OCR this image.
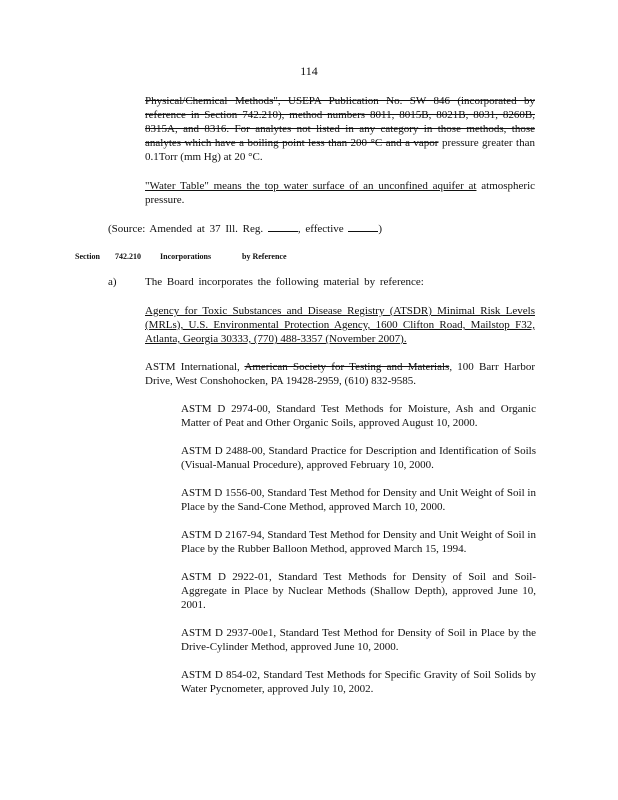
114
Physical/Chemical Methods", USEPA Publication No. SW 846 (incorporated by reference in Section 742.210), method numbers 8011, 8015B, 8021B, 8031, 8260B, 8315A, and 8316. For analytes not listed in any category in those methods, those analytes which have a boiling point less than 200 °C and a vapor pressure greater than 0.1Torr (mm Hg) at 20 °C.
"Water Table" means the top water surface of an unconfined aquifer at atmospheric pressure.
(Source: Amended at 37 Ill. Reg.	, effective	)
Section 742.210 Incorporations	by Reference
a)	The Board incorporates the following material by reference:
Agency for Toxic Substances and Disease Registry (ATSDR) Minimal Risk Levels (MRLs), U.S. Environmental Protection Agency, 1600 Clifton Road, Mailstop F32, Atlanta, Georgia 30333, (770) 488-3357 (November 2007).
ASTM International, American Society for Testing and Materials, 100 Barr Harbor Drive, West Conshohocken, PA 19428-2959, (610) 832-9585.
ASTM D 2974-00, Standard Test Methods for Moisture, Ash and Organic Matter of Peat and Other Organic Soils, approved August 10, 2000.
ASTM D 2488-00, Standard Practice for Description and Identification of Soils (Visual-Manual Procedure), approved February 10, 2000.
ASTM D 1556-00, Standard Test Method for Density and Unit Weight of Soil in Place by the Sand-Cone Method, approved March 10, 2000.
ASTM D 2167-94, Standard Test Method for Density and Unit Weight of Soil in Place by the Rubber Balloon Method, approved March 15, 1994.
ASTM D 2922-01, Standard Test Methods for Density of Soil and Soil-Aggregate in Place by Nuclear Methods (Shallow Depth), approved June 10, 2001.
ASTM D 2937-00e1, Standard Test Method for Density of Soil in Place by the Drive-Cylinder Method, approved June 10, 2000.
ASTM D 854-02, Standard Test Methods for Specific Gravity of Soil Solids by Water Pycnometer, approved July 10, 2002.
